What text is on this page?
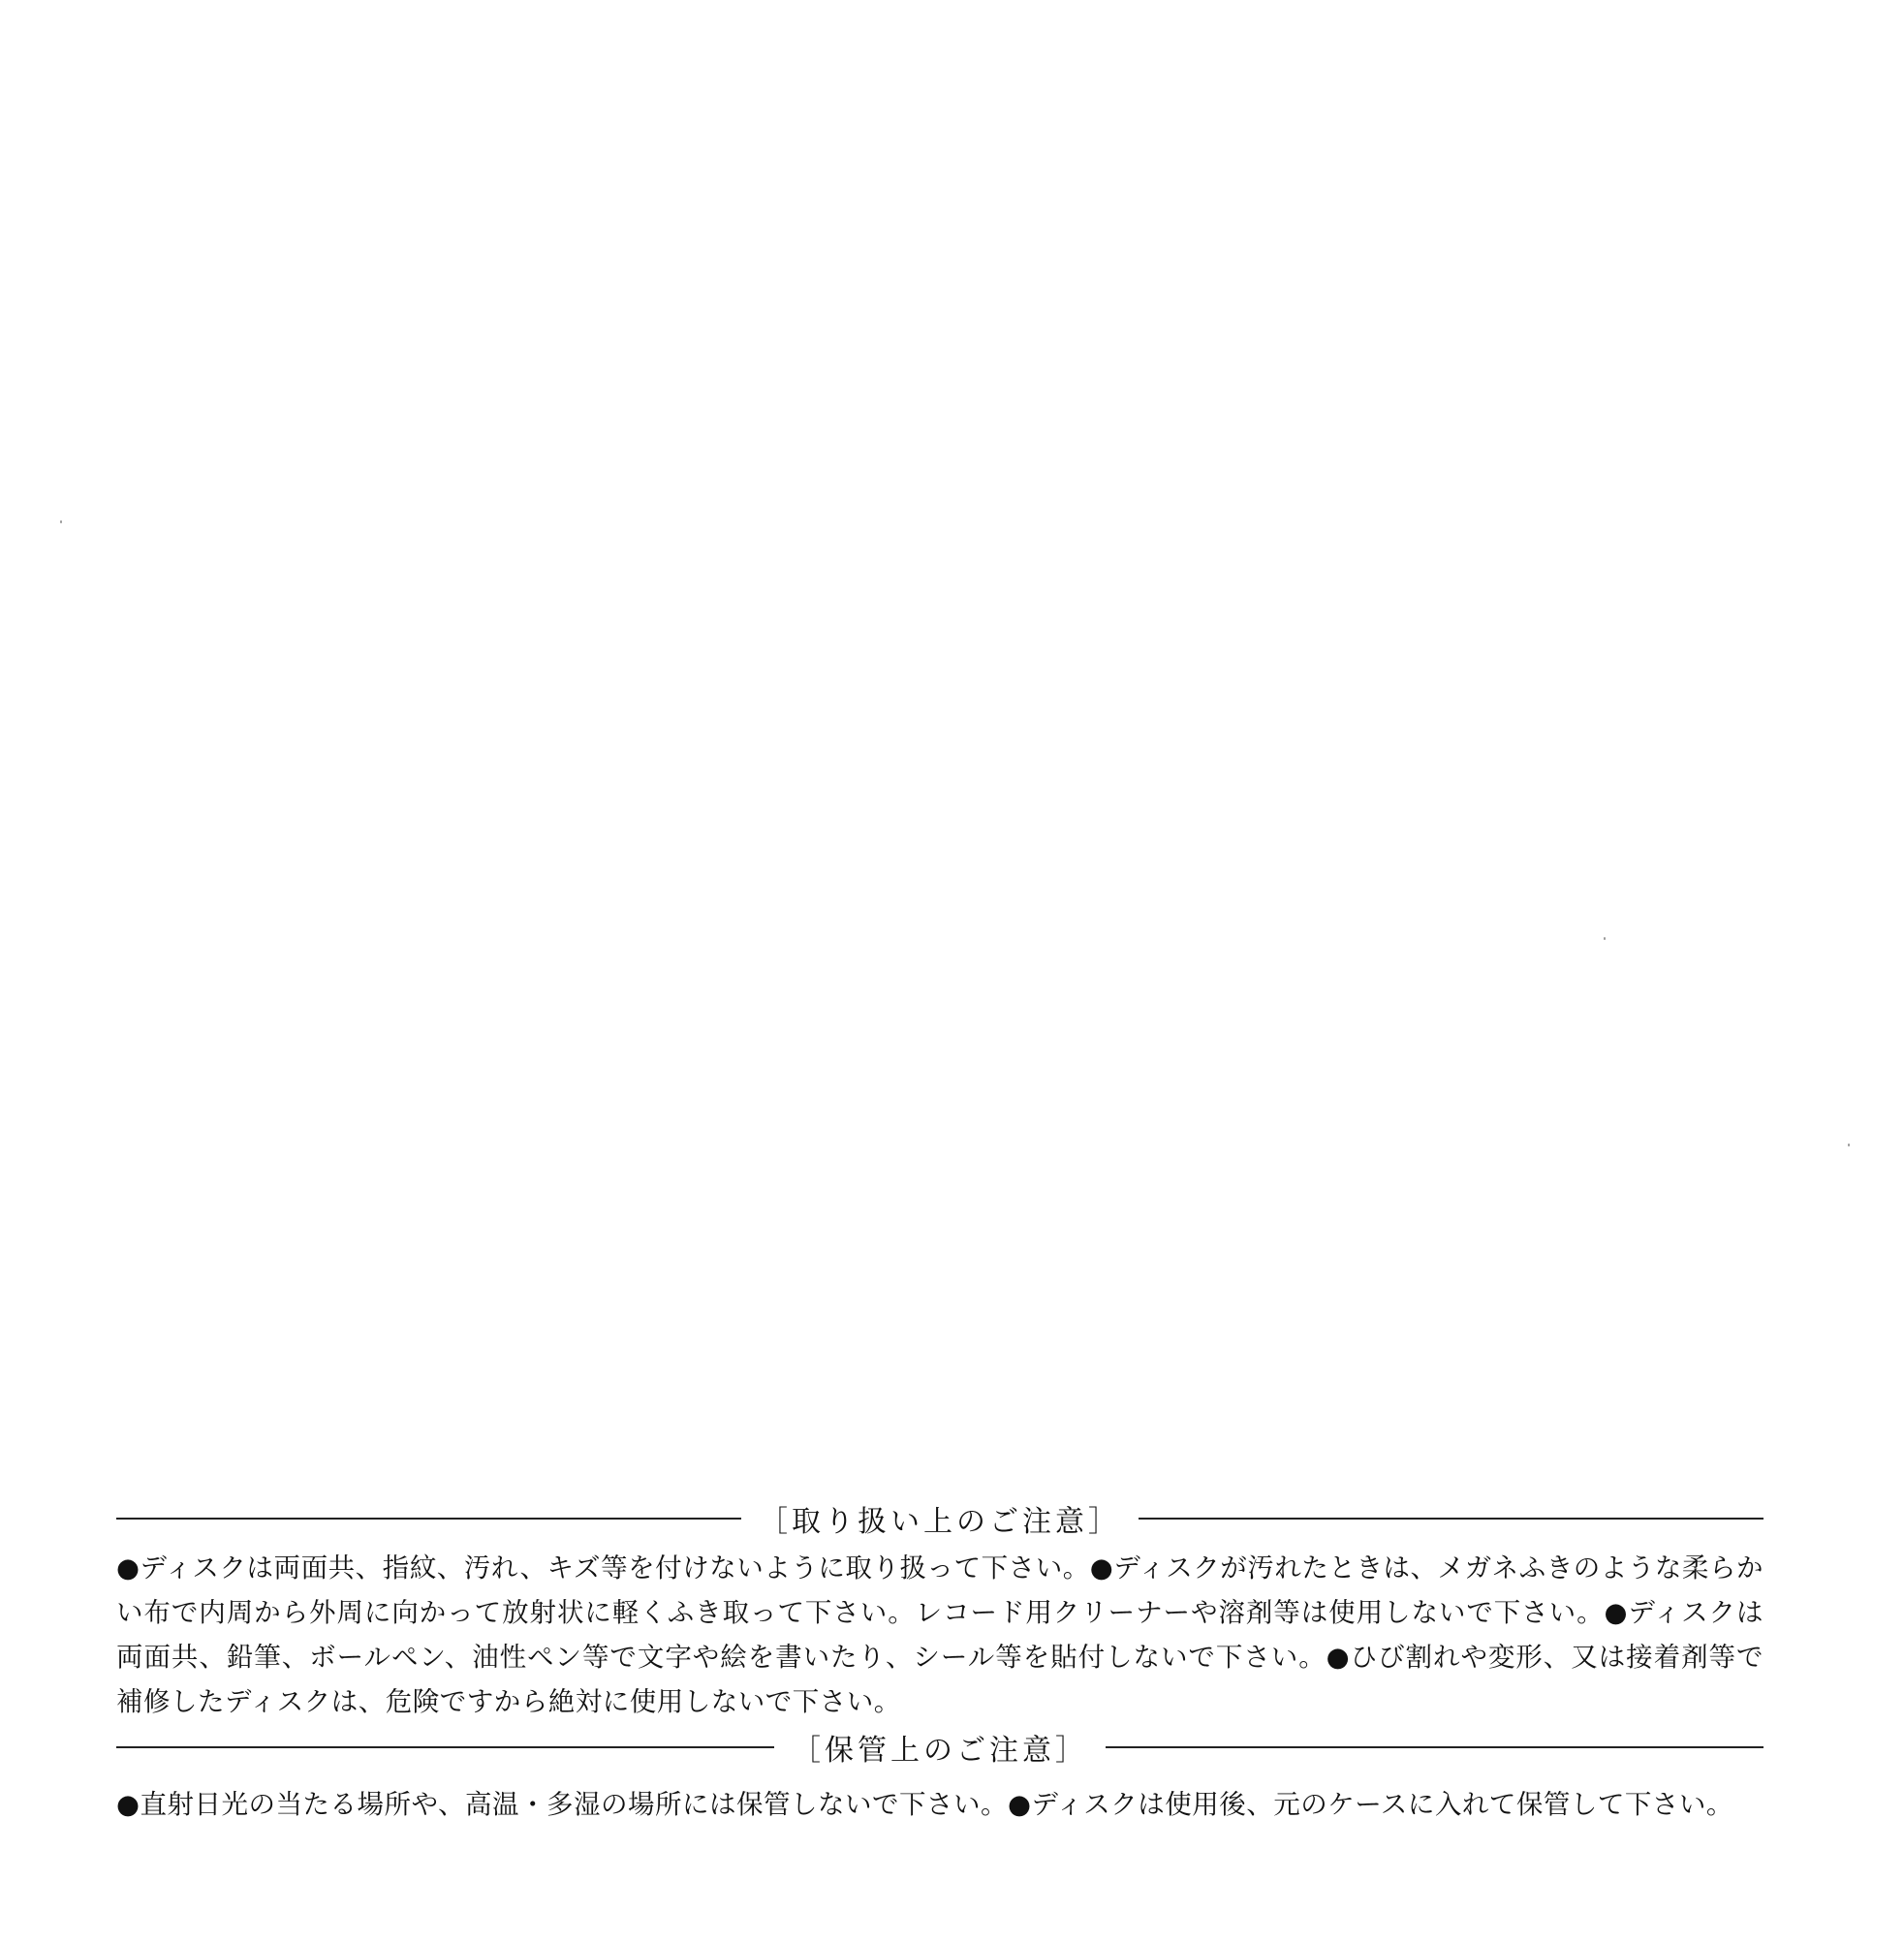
［取り扱い上のご注意］

●ディスクは両面共、指紋、汚れ、キズ等を付けないように取り扱って下さい。●ディスクが汚れたときは、メガネふきのような柔らかい布で内周から外周に向かって放射状に軽くふき取って下さい。レコード用クリーナーや溶剤等は使用しないで下さい。●ディスクは両面共、鉛筆、ボールペン、油性ペン等で文字や絵を書いたり、シール等を貼付しないで下さい。●ひび割れや変形、又は接着剤等で補修したディスクは、危険ですから絶対に使用しないで下さい。

［保管上のご注意］

●直射日光の当たる場所や、高温・多湿の場所には保管しないで下さい。●ディスクは使用後、元のケースに入れて保管して下さい。
